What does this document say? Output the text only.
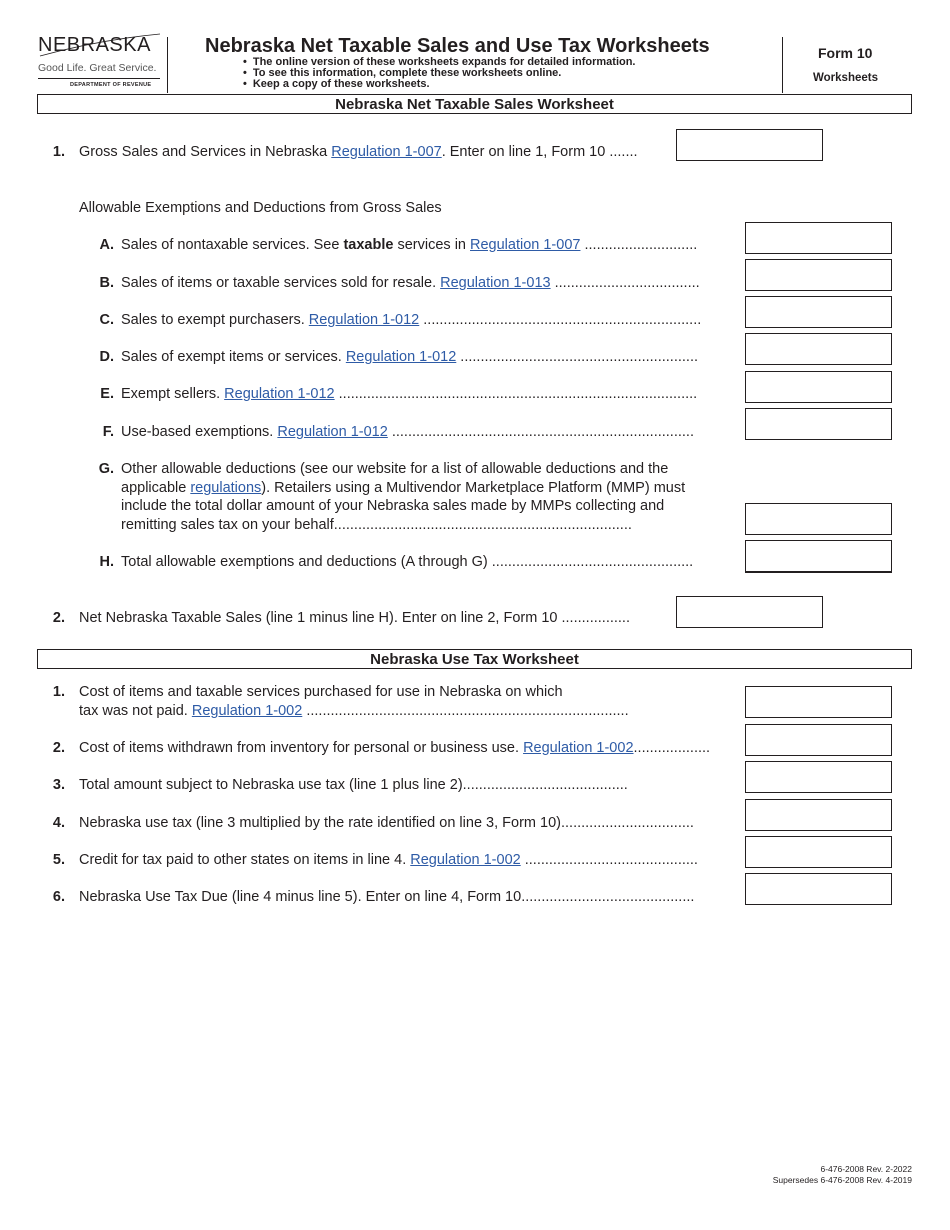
NEBRASKA
Good Life. Great Service.
DEPARTMENT OF REVENUE
Nebraska Net Taxable Sales and Use Tax Worksheets
• The online version of these worksheets expands for detailed information.
• To see this information, complete these worksheets online.
• Keep a copy of these worksheets.
Form 10
Worksheets
Nebraska Net Taxable Sales Worksheet
1. Gross Sales and Services in Nebraska Regulation 1-007. Enter on line 1, Form 10 .......
Allowable Exemptions and Deductions from Gross Sales
A. Sales of nontaxable services. See taxable services in Regulation 1-007 ............................
B. Sales of items or taxable services sold for resale. Regulation 1-013 ....................................
C. Sales to exempt purchasers. Regulation 1-012 .....................................................................
D. Sales of exempt items or services. Regulation 1-012 ...........................................................
E. Exempt sellers. Regulation 1-012 .........................................................................................
F. Use-based exemptions. Regulation 1-012 ...........................................................................
G. Other allowable deductions (see our website for a list of allowable deductions and the
applicable regulations). Retailers using a Multivendor Marketplace Platform (MMP) must
include the total dollar amount of your Nebraska sales made by MMPs collecting and
remitting sales tax on your behalf..........................................................................
H. Total allowable exemptions and deductions (A through G) ..................................................
2. Net Nebraska Taxable Sales (line 1 minus line H). Enter on line 2, Form 10 .................
Nebraska Use Tax Worksheet
1. Cost of items and taxable services purchased for use in Nebraska on which
tax was not paid. Regulation 1-002 ................................................................................
2. Cost of items withdrawn from inventory for personal or business use. Regulation 1-002...................
3. Total amount subject to Nebraska use tax (line 1 plus line 2).........................................
4. Nebraska use tax (line 3 multiplied by the rate identified on line 3, Form 10).................................
5. Credit for tax paid to other states on items in line 4. Regulation 1-002 ...........................................
6. Nebraska Use Tax Due (line 4 minus line 5). Enter on line 4, Form 10...........................................
6-476-2008 Rev. 2-2022
Supersedes 6-476-2008 Rev. 4-2019
